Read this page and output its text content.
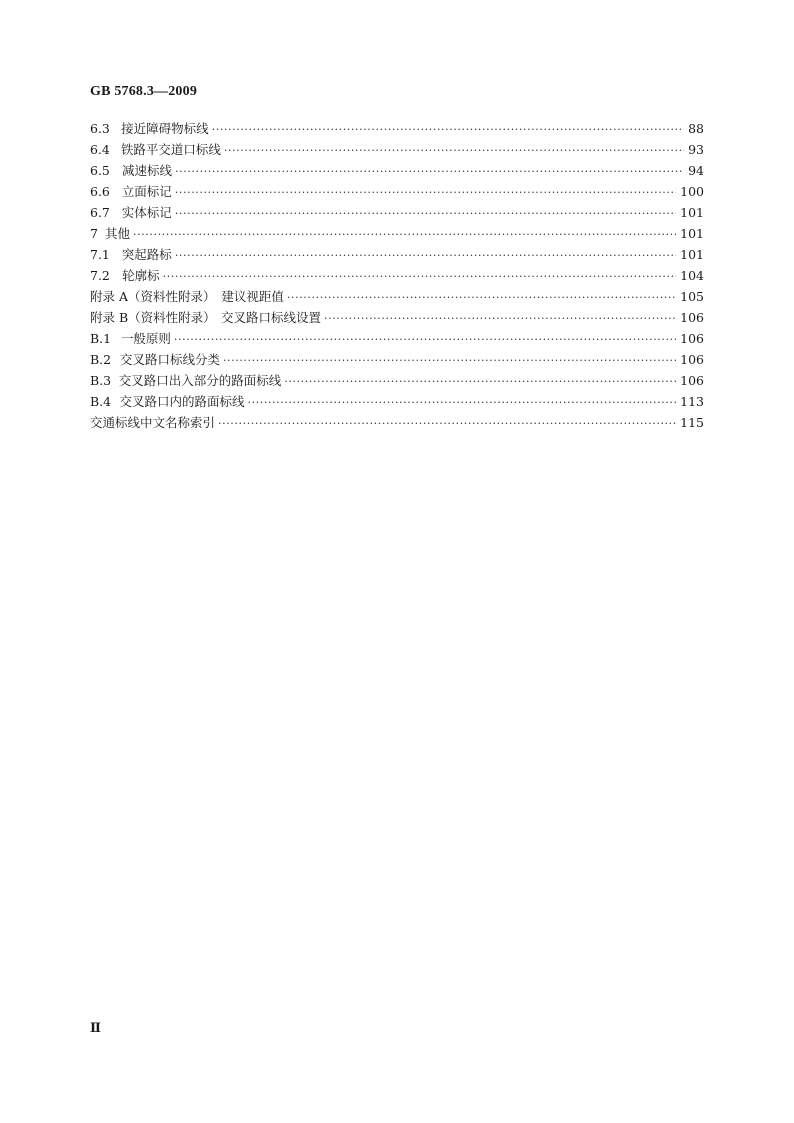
GB 5768.3—2009
6.3 接近障碍物标线 ·····	88
6.4 铁路平交道口标线 ·····	93
6.5 减速标线 ·····	94
6.6 立面标记 ·····	100
6.7 实体标记 ·····	101
7 其他 ·····	101
7.1 突起路标 ·····	101
7.2 轮廓标 ·····	104
附录 A（资料性附录） 建议视距值 ·····	105
附录 B（资料性附录） 交叉路口标线设置 ·····	106
B.1 一般原则 ·····	106
B.2 交叉路口标线分类 ·····	106
B.3 交叉路口出入部分的路面标线 ·····	106
B.4 交叉路口内的路面标线 ·····	113
交通标线中文名称索引 ·····	115
Ⅱ
